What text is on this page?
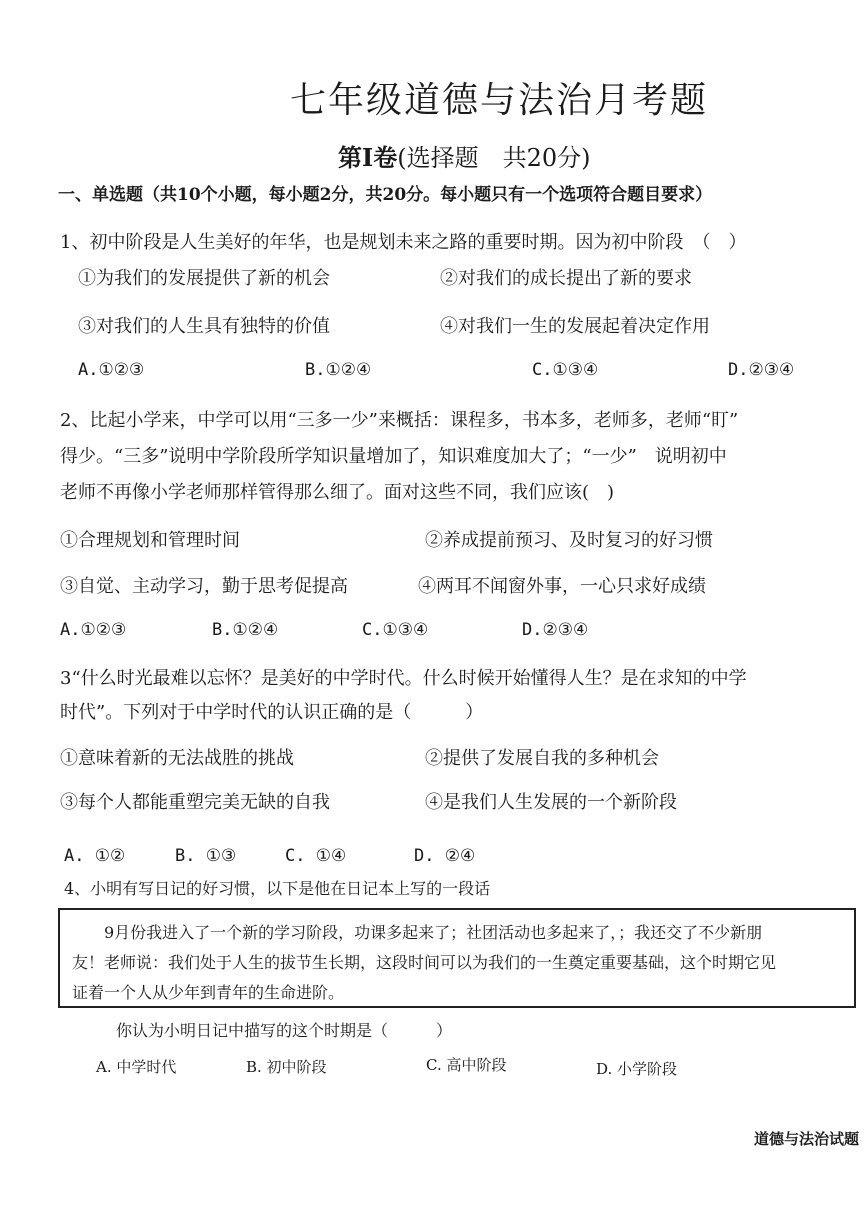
七年级道德与法治月考题
第Ⅰ卷(选择题　共20分)
一、单选题（共10个小题，每小题2分，共20分。每小题只有一个选项符合题目要求）
1、初中阶段是人生美好的年华，也是规划未来之路的重要时期。因为初中阶段　（　）
①为我们的发展提供了新的机会	②对我们的成长提出了新的要求
③对我们的人生具有独特的价值	④对我们一生的发展起着决定作用
A.①②③	B.①②④	C.①③④	D.②③④
2、比起小学来，中学可以用“三多一少”来概括：课程多，书本多，老师多，老师“盯”
得少。“三多”说明中学阶段所学知识量增加了，知识难度加大了；“一少”　说明初中
老师不再像小学老师那样管得那么细了。面对这些不同，我们应该(　)
①合理规划和管理时间	②养成提前预习、及时复习的好习惯
③自觉、主动学习，勤于思考促提高	④两耳不闻窗外事，一心只求好成绩
A.①②③	B.①②④	C.①③④	D.②③④
3“什么时光最难以忘怀？是美好的中学时代。什么时候开始懂得人生？是在求知的中学
时代”。下列对于中学时代的认识正确的是（　　　）
①意味着新的无法战胜的挑战	②提供了发展自我的多种机会
③每个人都能重塑完美无缺的自我	④是我们人生发展的一个新阶段
A. ①②	B. ①③	C. ①④	D. ②④
4、小明有写日记的好习惯，以下是他在日记本上写的一段话
　　9月份我进入了一个新的学习阶段，功课多起来了；社团活动也多起来了，；我还交了不少新朋
友！老师说：我们处于人生的拔节生长期，这段时间可以为我们的一生奠定重要基础，这个时期它见
证着一个人从少年到青年的生命进阶。
你认为小明日记中描写的这个时期是（　　　）
A. 中学时代	B. 初中阶段	C. 高中阶段	D. 小学阶段
道德与法治试题
